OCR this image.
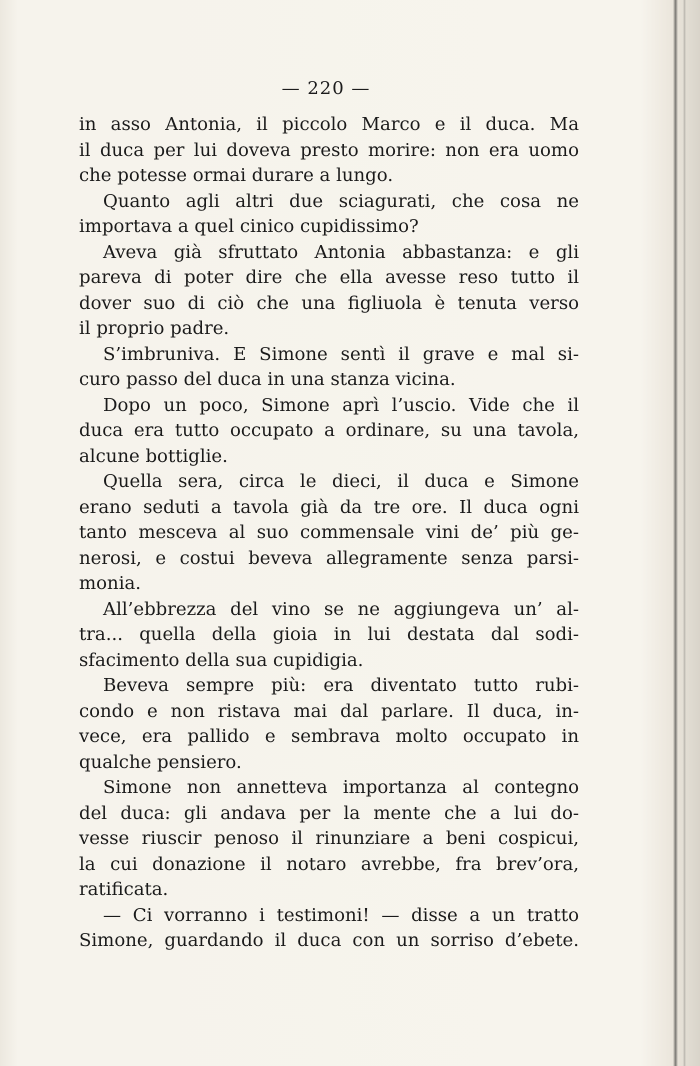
— 220 —
in asso Antonia, il piccolo Marco e il duca. Ma
il duca per lui doveva presto morire: non era uomo
che potesse ormai durare a lungo.
Quanto agli altri due sciagurati, che cosa ne
importava a quel cinico cupidissimo?
Aveva già sfruttato Antonia abbastanza: e gli
pareva di poter dire che ella avesse reso tutto il
dover suo di ciò che una figliuola è tenuta verso
il proprio padre.
S’imbruniva. E Simone sentì il grave e mal si-
curo passo del duca in una stanza vicina.
Dopo un poco, Simone aprì l’uscio. Vide che il
duca era tutto occupato a ordinare, su una tavola,
alcune bottiglie.
Quella sera, circa le dieci, il duca e Simone
erano seduti a tavola già da tre ore. Il duca ogni
tanto mesceva al suo commensale vini de’ più ge-
nerosi, e costui beveva allegramente senza parsi-
monia.
All’ebbrezza del vino se ne aggiungeva un’ al-
tra... quella della gioia in lui destata dal sodi-
sfacimento della sua cupidigia.
Beveva sempre più: era diventato tutto rubi-
condo e non ristava mai dal parlare. Il duca, in-
vece, era pallido e sembrava molto occupato in
qualche pensiero.
Simone non annetteva importanza al contegno
del duca: gli andava per la mente che a lui do-
vesse riuscir penoso il rinunziare a beni cospicui,
la cui donazione il notaro avrebbe, fra brev’ora,
ratificata.
— Ci vorranno i testimoni! — disse a un tratto
Simone, guardando il duca con un sorriso d’ebete.
